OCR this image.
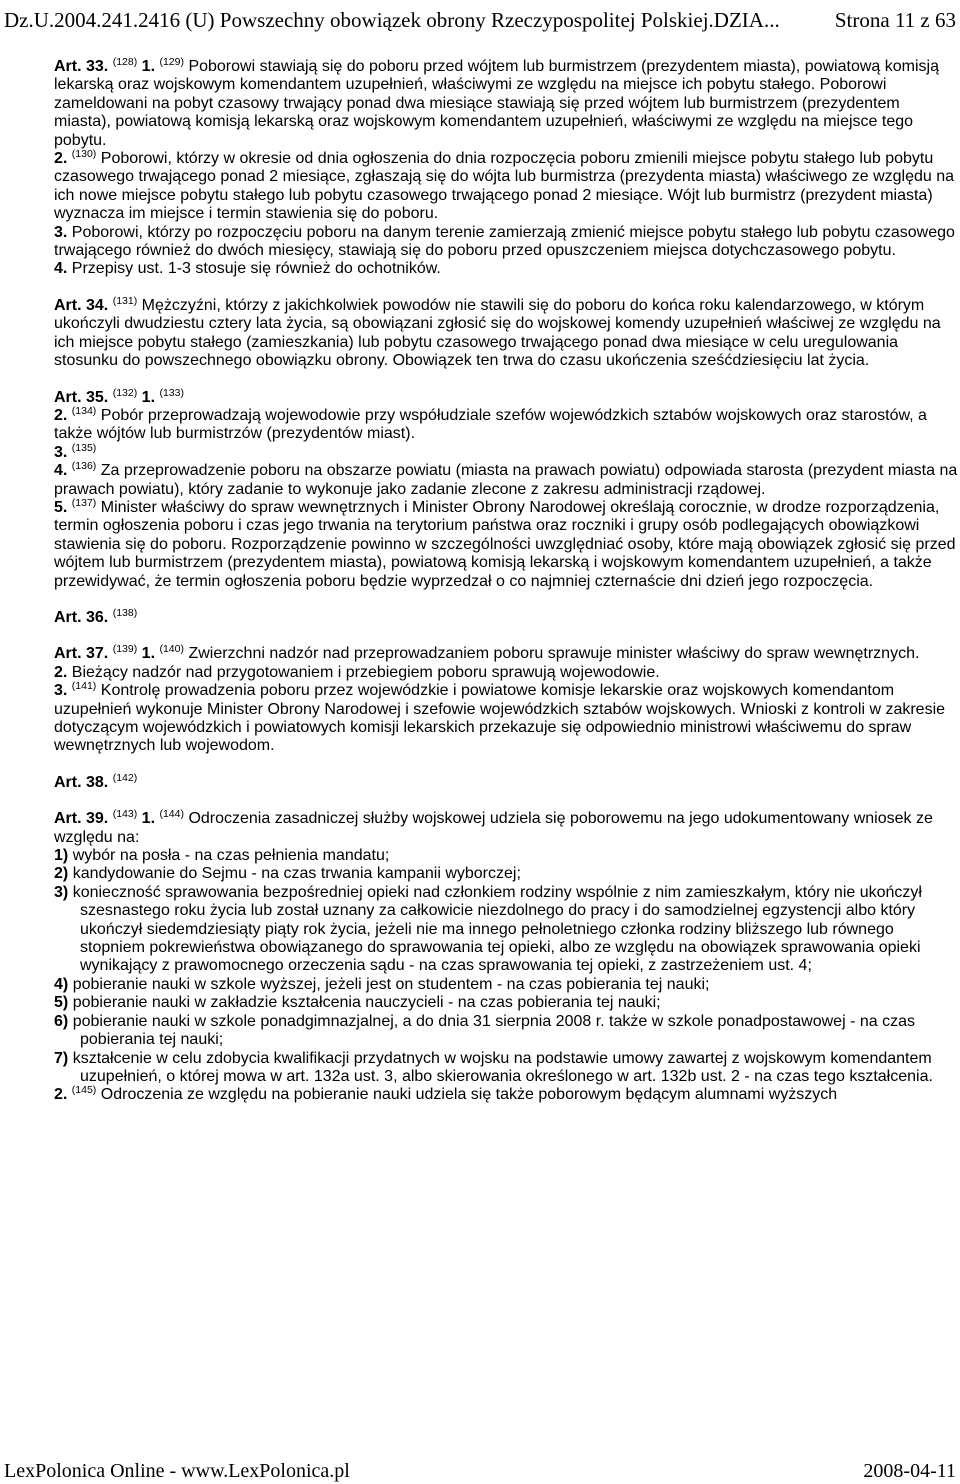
Dz.U.2004.241.2416 (U) Powszechny obowiązek obrony Rzeczypospolitej Polskiej.DZIA...	Strona 11 z 63

Art. 33. $^{(128)}$ 1. $^{(129)}$ Poborowi stawiają się do poboru przed wójtem lub burmistrzem (prezydentem miasta), powiatową komisją lekarską oraz wojskowym komendantem uzupełnień, właściwymi ze względu na miejsce ich pobytu stałego. Poborowi zameldowani na pobyt czasowy trwający ponad dwa miesiące stawiają się przed wójtem lub burmistrzem (prezydentem miasta), powiatową komisją lekarską oraz wojskowym komendantem uzupełnień, właściwymi ze względu na miejsce tego pobytu.

2. $^{(130)}$ Poborowi, którzy w okresie od dnia ogłoszenia do dnia rozpoczęcia poboru zmienili miejsce pobytu stałego lub pobytu czasowego trwającego ponad 2 miesiące, zgłaszają się do wójta lub burmistrza (prezydenta miasta) właściwego ze względu na ich nowe miejsce pobytu stałego lub pobytu czasowego trwającego ponad 2 miesiące. Wójt lub burmistrz (prezydent miasta) wyznacza im miejsce i termin stawienia się do poboru.

3. Poborowi, którzy po rozpoczęciu poboru na danym terenie zamierzają zmienić miejsce pobytu stałego lub pobytu czasowego trwającego również do dwóch miesięcy, stawiają się do poboru przed opuszczeniem miejsca dotychczasowego pobytu.

4. Przepisy ust. 1-3 stosuje się również do ochotników.

Art. 34. $^{(131)}$ Mężczyźni, którzy z jakichkolwiek powodów nie stawili się do poboru do końca roku kalendarzowego, w którym ukończyli dwudziestu cztery lata życia, są obowiązani zgłosić się do wojskowej komendy uzupełnień właściwej ze względu na ich miejsce pobytu stałego (zamieszkania) lub pobytu czasowego trwającego ponad dwa miesiące w celu uregulowania stosunku do powszechnego obowiązku obrony. Obowiązek ten trwa do czasu ukończenia sześćdziesięciu lat życia.

Art. 35. $^{(132)}$ 1. $^{(133)}$

2. $^{(134)}$ Pobór przeprowadzają wojewodowie przy współudziale szefów wojewódzkich sztabów wojskowych oraz starostów, a także wójtów lub burmistrzów (prezydentów miast).

3. $^{(135)}$

4. $^{(136)}$ Za przeprowadzenie poboru na obszarze powiatu (miasta na prawach powiatu) odpowiada starosta (prezydent miasta na prawach powiatu), który zadanie to wykonuje jako zadanie zlecone z zakresu administracji rządowej.

5. $^{(137)}$ Minister właściwy do spraw wewnętrznych i Minister Obrony Narodowej określają corocznie, w drodze rozporządzenia, termin ogłoszenia poboru i czas jego trwania na terytorium państwa oraz roczniki i grupy osób podlegających obowiązkowi stawienia się do poboru. Rozporządzenie powinno w szczególności uwzględniać osoby, które mają obowiązek zgłosić się przed wójtem lub burmistrzem (prezydentem miasta), powiatową komisją lekarską i wojskowym komendantem uzupełnień, a także przewidywać, że termin ogłoszenia poboru będzie wyprzedzał o co najmniej czternaście dni dzień jego rozpoczęcia.

Art. 36. $^{(138)}$

Art. 37. $^{(139)}$ 1. $^{(140)}$ Zwierzchni nadzór nad przeprowadzaniem poboru sprawuje minister właściwy do spraw wewnętrznych.

2. Bieżący nadzór nad przygotowaniem i przebiegiem poboru sprawują wojewodowie.

3. $^{(141)}$ Kontrolę prowadzenia poboru przez wojewódzkie i powiatowe komisje lekarskie oraz wojskowych komendantom uzupełnień wykonuje Minister Obrony Narodowej i szefowie wojewódzkich sztabów wojskowych. Wnioski z kontroli w zakresie dotyczącym wojewódzkich i powiatowych komisji lekarskich przekazuje się odpowiednio ministrowi właściwemu do spraw wewnętrznych lub wojewodom.

Art. 38. $^{(142)}$

Art. 39. $^{(143)}$ 1. $^{(144)}$ Odroczenia zasadniczej służby wojskowej udziela się poborowemu na jego udokumentowany wniosek ze względu na:

1) wybór na posła - na czas pełnienia mandatu;

2) kandydowanie do Sejmu - na czas trwania kampanii wyborczej;

3) konieczność sprawowania bezpośredniej opieki nad członkiem rodziny wspólnie z nim zamieszkałym, który nie ukończył szesnastego roku życia lub został uznany za całkowicie niezdolnego do pracy i do samodzielnej egzystencji albo który ukończył siedemdziesiąty piąty rok życia, jeżeli nie ma innego pełnoletniego członka rodziny bliższego lub równego stopniem pokrewieństwa obowiązanego do sprawowania tej opieki, albo ze względu na obowiązek sprawowania opieki wynikający z prawomocnego orzeczenia sądu - na czas sprawowania tej opieki, z zastrzeżeniem ust. 4;

4) pobieranie nauki w szkole wyższej, jeżeli jest on studentem - na czas pobierania tej nauki;

5) pobieranie nauki w zakładzie kształcenia nauczycieli - na czas pobierania tej nauki;

6) pobieranie nauki w szkole ponadgimnazjalnej, a do dnia 31 sierpnia 2008 r. także w szkole ponadpostawowej - na czas pobierania tej nauki;

7) kształcenie w celu zdobycia kwalifikacji przydatnych w wojsku na podstawie umowy zawartej z wojskowym komendantem uzupełnień, o której mowa w art. 132a ust. 3, albo skierowania określonego w art. 132b ust. 2 - na czas tego kształcenia.

2. $^{(145)}$ Odroczenia ze względu na pobieranie nauki udziela się także poborowym będącym alumnami wyższych

LexPolonica Online - www.LexPolonica.pl	2008-04-11
